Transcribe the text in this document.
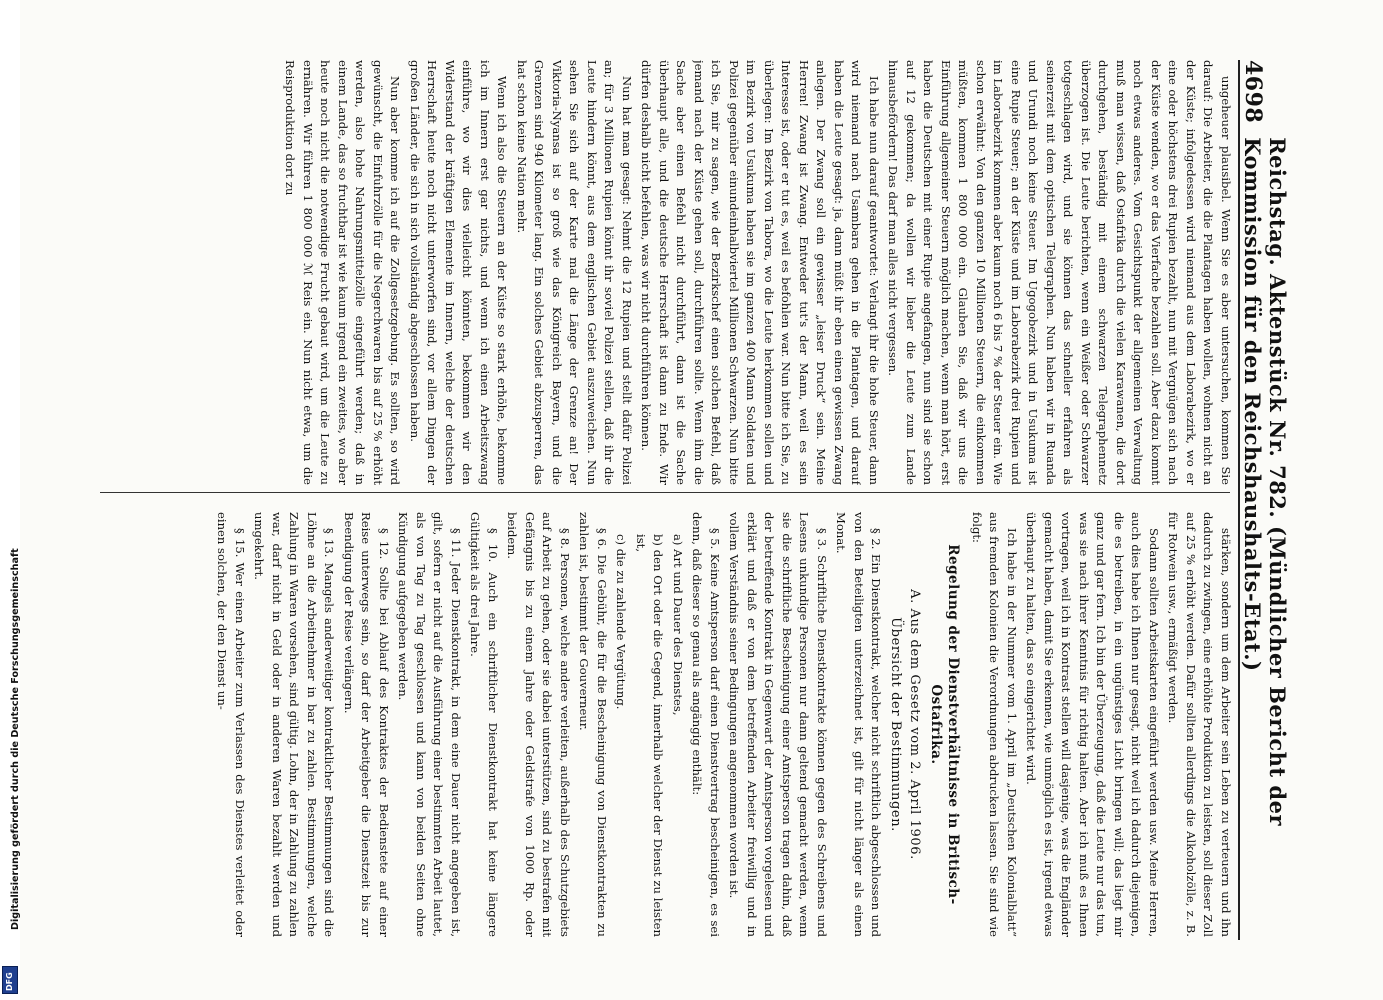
4698
Reichstag. Aktenstück Nr. 782. (Mündlicher Bericht der Kommission für den Reichshaushalts-Etat.)

ungeheuer plausibel. Wenn Sie es aber untersuchen, kommen Sie darauf: Die Arbeiter, die die Plantagen haben wollen, wohnen nicht an der Küste; infolgedessen wird niemand aus dem Laborabezirk, wo er eine oder höchstens drei Rupien bezahlt, nun mit Vergnügen sich nach der Küste wenden, wo er das Vierfache bezahlen soll. Aber dazu kommt noch etwas anderes. Vom Gesichtspunkt der allgemeinen Verwaltung muß man wissen, daß Ostafrika durch die vielen Karawanen, die dort durchgehen, beständig mit einem schwarzen Telegraphennetz überzogen ist. Die Leute berichten, wenn ein Weißer oder Schwarzer totgeschlagen wird, und sie können das schneller erfahren als seinerzeit mit dem optischen Telegraphen. Nun haben wir in Ruanda und Urundi noch keine Steuer. Im Ugogobezirk und in Usukuma ist eine Rupie Steuer; an der Küste und im Laborabezirk drei Rupien und im Laborabezirk kommen aber kaum noch 6 bis 7 % der Steuer ein. Wie schon erwähnt: Von den ganzen 10 Millionen Steuern, die einkommen müßten, kommen 1 800 000 ein. Glauben Sie, daß wir uns die Einführung allgemeiner Steuern möglich machen, wenn man hört, erst haben die Deutschen mit einer Rupie angefangen, nun sind sie schon auf 12 gekommen; da wollen wir lieber die Leute zum Lande hinausbefördern! Das darf man alles nicht vergessen.

Ich habe nun darauf geantwortet: Verlangt ihr die hohe Steuer, dann wird niemand nach Usambara gehen in die Plantagen, und darauf haben die Leute gesagt: ja, dann müßt ihr eben einen gewissen Zwang anlegen. Der Zwang soll ein gewisser „leiser Druck“ sein. Meine Herren! Zwang ist Zwang. Entweder tut's der Mann, weil es sein Interesse ist, oder er tut es, weil es befohlen war. Nun bitte ich Sie, zu überlegen: Im Bezirk von Tabora, wo die Leute herkommen sollen und im Bezirk von Usukuma haben sie im ganzen 400 Mann Soldaten und Polizei gegenüber einundeinhalbviertel Millionen Schwarzen. Nun bitte ich Sie, mir zu sagen, wie der Bezirkschef einen solchen Befehl, daß jemand nach der Küste gehen soll, durchführen sollte. Wenn ihm die Sache aber einen Befehl nicht durchführt, dann ist die Sache überhaupt alle, und die deutsche Herrschaft ist dann zu Ende. Wir dürfen deshalb nicht befehlen, was wir nicht durchführen können.

Nun hat man gesagt: Nehmt die 12 Rupien und stellt dafür Polizei an; für 3 Millionen Rupien könnt ihr soviel Polizei stellen, daß ihr die Leute hindern könnt, aus dem englischen Gebiet auszuweichen. Nun sehen Sie sich auf der Karte mal die Länge der Grenze an! Der Viktoria-Nyansa ist so groß wie das Königreich Bayern, und die Grenzen sind 940 Kilometer lang. Ein solches Gebiet abzusperren, das hat schon keine Nation mehr.

Wenn ich also die Steuern an der Küste so stark erhöhe, bekomme ich im Innern erst gar nichts, und wenn ich einen Arbeitszwang einführe, wo wir dies vielleicht könnten, bekommen wir den Widerstand der kräftigen Elemente im Innern, welche der deutschen Herrschaft heute noch nicht unterworfen sind, vor allem Dingen der großen Länder, die sich in sich vollständig abgeschlossen haben.

Nun aber komme ich auf die Zollgesetzgebung. Es sollten, so wird gewünscht, die Einfuhrzölle für die Negerchwaren bis auf 25 % erhöht werden, also hohe Nahrungsmittelzölle eingeführt werden; daß in einem Lande, das so fruchtbar ist wie kaum irgend ein zweites, wo aber heute noch nicht die notwendige Frucht gebaut wird, um die Leute zu ernähren. Wir führen 1 800 000 ℳ Reis ein. Nun nicht etwa, um die Reisproduktion dort zu

stärken, sondern um dem Arbeiter sein Leben zu verteuern und ihn dadurch zu zwingen, eine erhöhte Produktion zu leisten, soll dieser Zoll auf 25 % erhöht werden. Dafür sollten allerdings die Alkoholzölle, z. B. für Rotwein usw., ermäßigt werden.

Sodann sollten Arbeitskarten eingeführt werden usw. Meine Herren, auch dies habe ich Ihnen nur gesagt, nicht weil ich dadurch diejenigen, die es betreiben, in ein ungünstiges Licht bringen will; das liegt mir ganz und gar fern. Ich bin der Überzeugung, daß die Leute nur das tun, was sie nach ihrer Kenntnis für richtig halten. Aber ich muß es Ihnen vortragen, weil ich in Kontrast stellen will dasjenige, was die Engländer gemacht haben, damit Sie erkennen, wie unmöglich es ist, irgend etwas überhaupt zu halten, das so eingerichtet wird.

Ich habe in der Nummer vom 1. April im „Deutschen Kolonialblatt“ aus fremden Kolonien die Verordnungen abdrucken lassen. Sie sind wie folgt:

Regelung der Dienstverhältnisse in Britisch-Ostafrika.
A. Aus dem Gesetz vom 2. April 1906.
Übersicht der Bestimmungen.

§ 2. Ein Dienstkontrakt, welcher nicht schriftlich abgeschlossen und von den Beteiligten unterzeichnet ist, gilt für nicht länger als einen Monat.

§ 3. Schriftliche Dienstkontrakte können gegen des Schreibens und Lesens unkundige Personen nur dann geltend gemacht werden, wenn sie die schriftliche Bescheinigung einer Amtsperson tragen dahin, daß der betreffende Kontrakt in Gegenwart der Amtsperson vorgelesen und erklärt und daß er von dem betreffenden Arbeiter freiwillig und in vollem Verständnis seiner Bedingungen angenommen worden ist.

§ 5. Keine Amtsperson darf einen Dienstvertrag bescheinigen, es sei denn, daß dieser so genau als angängig enthält:

a) Art und Dauer des Dienstes,

b) den Ort oder die Gegend, innerhalb welcher der Dienst zu leisten ist,

c) die zu zahlende Vergütung.

§ 6. Die Gebühr, die für die Bescheinigung von Dienstkontrakten zu zahlen ist, bestimmt der Gouverneur.

§ 8. Personen, welche andere verleiten, außerhalb des Schutzgebiets auf Arbeit zu gehen, oder sie dabei unterstützen, sind zu bestrafen mit Gefängnis bis zu einem Jahre oder Geldstrafe von 1000 Rp. oder beidem.

§ 10. Auch ein schriftlicher Dienstkontrakt hat keine längere Gültigkeit als drei Jahre.

§ 11. Jeder Dienstkontrakt, in dem eine Dauer nicht angegeben ist, gilt, sofern er nicht auf die Ausführung einer bestimmten Arbeit lautet, als von Tag zu Tag geschlossen und kann von beiden Seiten ohne Kündigung aufgegeben werden.

§ 12. Sollte bei Ablauf des Kontraktes der Bedienstete auf einer Reise unterwegs sein, so darf der Arbeitgeber die Dienstzeit bis zur Beendigung der Reise verlängern.

§ 13. Mangels anderweitiger kontraktlicher Bestimmungen sind die Löhne an die Arbeitnehmer in bar zu zahlen. Bestimmungen, welche Zahlung in Waren vorsehen, sind gültig. Lohn, der in Zahlung zu zahlen war, darf nicht in Geld oder in anderen Waren bezahlt werden und umgekehrt.

§ 15. Wer einen Arbeiter zum Verlassen des Dienstes verleitet oder einen solchen, der den Dienst un-

Digitalisierung gefördert durch die Deutsche Forschungsgemeinschaft
DFG
